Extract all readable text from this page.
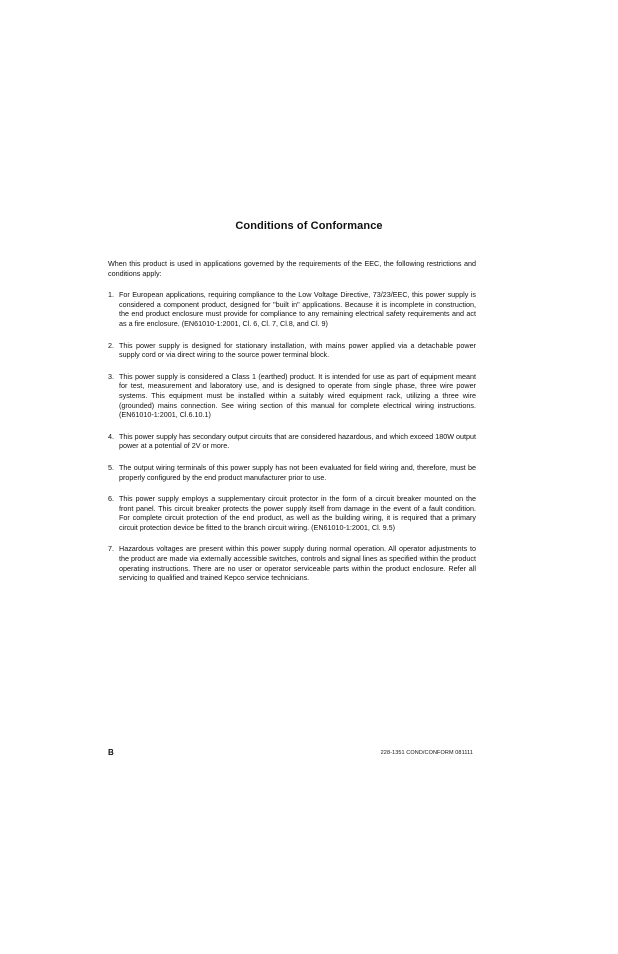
Conditions of Conformance

When this product is used in applications governed by the requirements of the EEC, the following restrictions and conditions apply:

1. For European applications, requiring compliance to the Low Voltage Directive, 73/23/EEC, this power supply is considered a component product, designed for "built in" applications. Because it is incomplete in construction, the end product enclosure must provide for compliance to any remaining electrical safety requirements and act as a fire enclosure. (EN61010-1:2001, Cl. 6, Cl. 7, Cl.8, and Cl. 9)
2. This power supply is designed for stationary installation, with mains power applied via a detachable power supply cord or via direct wiring to the source power terminal block.
3. This power supply is considered a Class 1 (earthed) product. It is intended for use as part of equipment meant for test, measurement and laboratory use, and is designed to operate from single phase, three wire power systems. This equipment must be installed within a suitably wired equipment rack, utilizing a three wire (grounded) mains connection. See wiring section of this manual for complete electrical wiring instructions. (EN61010-1:2001, Cl.6.10.1)
4. This power supply has secondary output circuits that are considered hazardous, and which exceed 180W output power at a potential of 2V or more.
5. The output wiring terminals of this power supply has not been evaluated for field wiring and, therefore, must be properly configured by the end product manufacturer prior to use.
6. This power supply employs a supplementary circuit protector in the form of a circuit breaker mounted on the front panel. This circuit breaker protects the power supply itself from damage in the event of a fault condition. For complete circuit protection of the end product, as well as the building wiring, it is required that a primary circuit protection device be fitted to the branch circuit wiring. (EN61010-1:2001, Cl. 9.5)
7. Hazardous voltages are present within this power supply during normal operation. All operator adjustments to the product are made via externally accessible switches, controls and signal lines as specified within the product operating instructions. There are no user or operator serviceable parts within the product enclosure. Refer all servicing to qualified and trained Kepco service technicians.
B	228-1351 COND/CONFORM 081111
